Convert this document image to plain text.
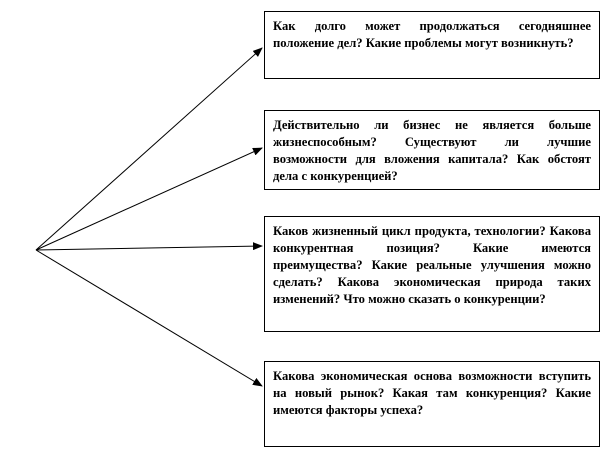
Как долго может продолжаться сегодняшнее положение дел? Какие проблемы могут возникнуть?

Действительно ли бизнес не является больше жизнеспособным? Существуют ли лучшие возможности для вложения капитала? Как обстоят дела с конкуренцией?

Каков жизненный цикл продукта, технологии? Какова конкурентная позиция? Какие имеются преимущества? Какие реальные улучшения можно сделать? Какова экономическая природа таких изменений? Что можно сказать о конкуренции?

Какова экономическая основа возможности вступить на новый рынок? Какая там конкуренция? Какие имеются факторы успеха?
